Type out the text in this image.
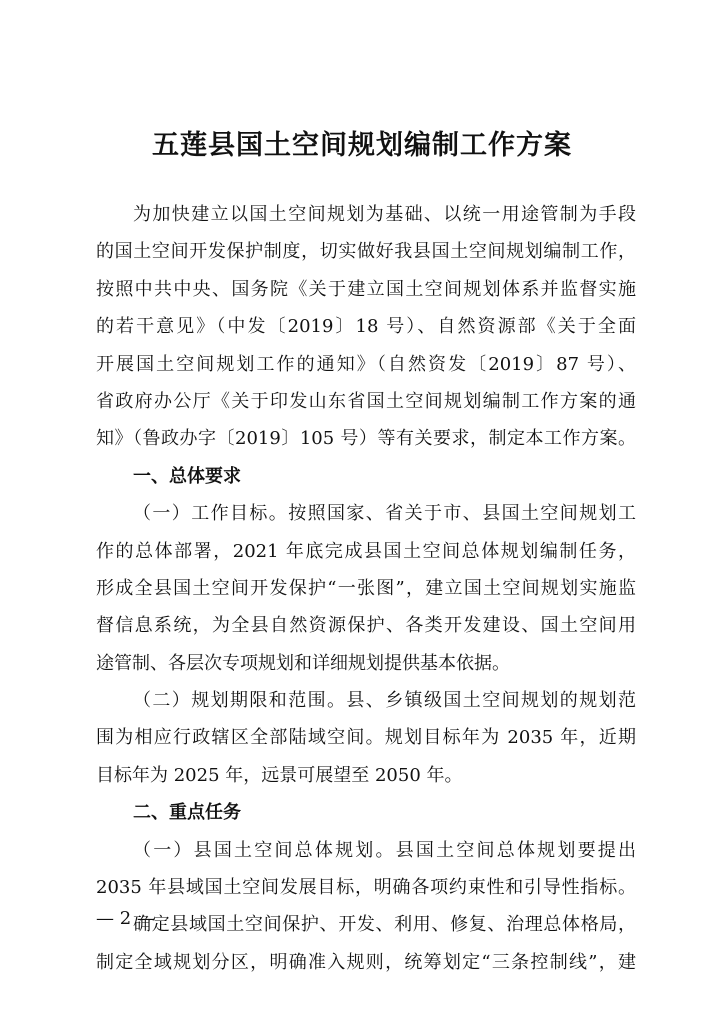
五莲县国土空间规划编制工作方案
为加快建立以国土空间规划为基础、以统一用途管制为手段
的国土空间开发保护制度，切实做好我县国土空间规划编制工作，
按照中共中央、国务院《关于建立国土空间规划体系并监督实施
的若干意见》（中发〔2019〕18 号）、自然资源部《关于全面
开展国土空间规划工作的通知》（自然资发〔2019〕87 号）、
省政府办公厅《关于印发山东省国土空间规划编制工作方案的通
知》（鲁政办字〔2019〕105 号）等有关要求，制定本工作方案。
一、总体要求
（一）工作目标。按照国家、省关于市、县国土空间规划工
作的总体部署，2021 年底完成县国土空间总体规划编制任务，
形成全县国土空间开发保护“一张图”，建立国土空间规划实施监
督信息系统，为全县自然资源保护、各类开发建设、国土空间用
途管制、各层次专项规划和详细规划提供基本依据。
（二）规划期限和范围。县、乡镇级国土空间规划的规划范
围为相应行政辖区全部陆域空间。规划目标年为 2035 年，近期
目标年为 2025 年，远景可展望至 2050 年。
二、重点任务
（一）县国土空间总体规划。县国土空间总体规划要提出
2035 年县域国土空间发展目标，明确各项约束性和引导性指标。
确定县域国土空间保护、开发、利用、修复、治理总体格局，
制定全域规划分区，明确准入规则，统筹划定“三条控制线”，建
— 2 —
